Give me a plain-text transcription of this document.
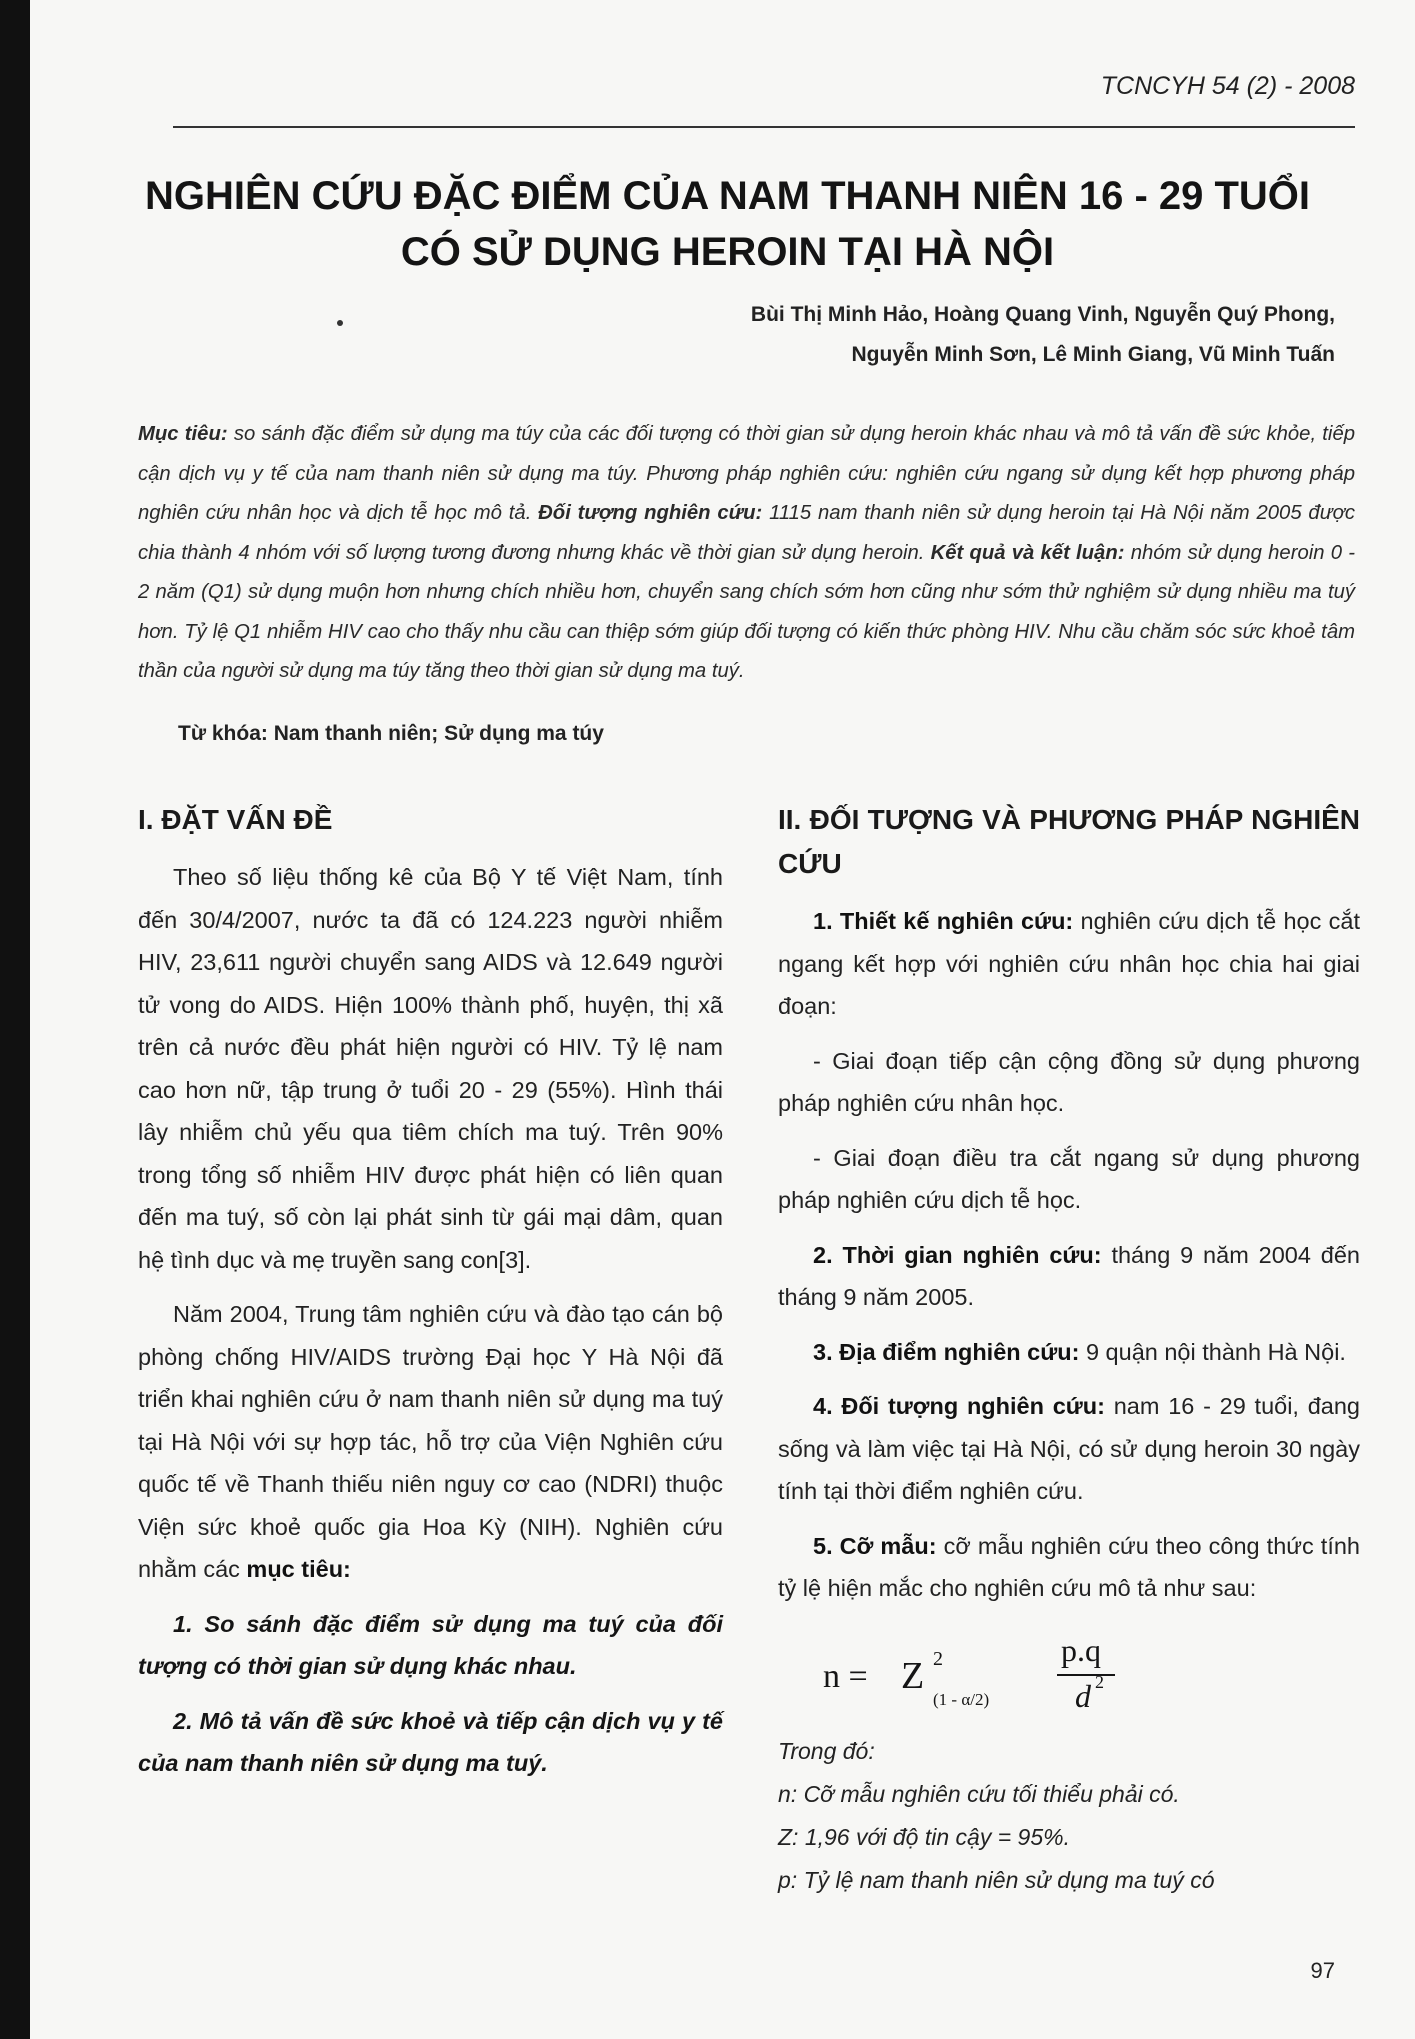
TCNCYH 54 (2) - 2008
NGHIÊN CỨU ĐẶC ĐIỂM CỦA NAM THANH NIÊN 16 - 29 TUỔI
CÓ SỬ DỤNG HEROIN TẠI HÀ NỘI
Bùi Thị Minh Hảo, Hoàng Quang Vinh, Nguyễn Quý Phong,
Nguyễn Minh Sơn, Lê Minh Giang, Vũ Minh Tuấn
Mục tiêu: so sánh đặc điểm sử dụng ma túy của các đối tượng có thời gian sử dụng heroin khác nhau và mô tả vấn đề sức khỏe, tiếp cận dịch vụ y tế của nam thanh niên sử dụng ma túy. Phương pháp nghiên cứu: nghiên cứu ngang sử dụng kết hợp phương pháp nghiên cứu nhân học và dịch tễ học mô tả. Đối tượng nghiên cứu: 1115 nam thanh niên sử dụng heroin tại Hà Nội năm 2005 được chia thành 4 nhóm với số lượng tương đương nhưng khác về thời gian sử dụng heroin. Kết quả và kết luận: nhóm sử dụng heroin 0 - 2 năm (Q1) sử dụng muộn hơn nhưng chích nhiều hơn, chuyển sang chích sớm hơn cũng như sớm thử nghiệm sử dụng nhiều ma tuý hơn. Tỷ lệ Q1 nhiễm HIV cao cho thấy nhu cầu can thiệp sớm giúp đối tượng có kiến thức phòng HIV. Nhu cầu chăm sóc sức khoẻ tâm thần của người sử dụng ma túy tăng theo thời gian sử dụng ma tuý.
Từ khóa: Nam thanh niên; Sử dụng ma túy
I. ĐẶT VẤN ĐỀ

Theo số liệu thống kê của Bộ Y tế Việt Nam, tính đến 30/4/2007, nước ta đã có 124.223 người nhiễm HIV, 23,611 người chuyển sang AIDS và 12.649 người tử vong do AIDS. Hiện 100% thành phố, huyện, thị xã trên cả nước đều phát hiện người có HIV. Tỷ lệ nam cao hơn nữ, tập trung ở tuổi 20 - 29 (55%). Hình thái lây nhiễm chủ yếu qua tiêm chích ma tuý. Trên 90% trong tổng số nhiễm HIV được phát hiện có liên quan đến ma tuý, số còn lại phát sinh từ gái mại dâm, quan hệ tình dục và mẹ truyền sang con[3].

Năm 2004, Trung tâm nghiên cứu và đào tạo cán bộ phòng chống HIV/AIDS trường Đại học Y Hà Nội đã triển khai nghiên cứu ở nam thanh niên sử dụng ma tuý tại Hà Nội với sự hợp tác, hỗ trợ của Viện Nghiên cứu quốc tế về Thanh thiếu niên nguy cơ cao (NDRI) thuộc Viện sức khoẻ quốc gia Hoa Kỳ (NIH). Nghiên cứu nhằm các mục tiêu:

1. So sánh đặc điểm sử dụng ma tuý của đối tượng có thời gian sử dụng khác nhau.

2. Mô tả vấn đề sức khoẻ và tiếp cận dịch vụ y tế của nam thanh niên sử dụng ma tuý.

II. ĐỐI TƯỢNG VÀ PHƯƠNG PHÁP NGHIÊN CỨU

1. Thiết kế nghiên cứu: nghiên cứu dịch tễ học cắt ngang kết hợp với nghiên cứu nhân học chia hai giai đoạn:

- Giai đoạn tiếp cận cộng đồng sử dụng phương pháp nghiên cứu nhân học.

- Giai đoạn điều tra cắt ngang sử dụng phương pháp nghiên cứu dịch tễ học.

2. Thời gian nghiên cứu: tháng 9 năm 2004 đến tháng 9 năm 2005.

3. Địa điểm nghiên cứu: 9 quận nội thành Hà Nội.

4. Đối tượng nghiên cứu: nam 16 - 29 tuổi, đang sống và làm việc tại Hà Nội, có sử dụng heroin 30 ngày tính tại thời điểm nghiên cứu.

5. Cỡ mẫu: cỡ mẫu nghiên cứu theo công thức tính tỷ lệ hiện mắc cho nghiên cứu mô tả như sau:

n = Z 2
(1 - α/2)
p.q
d 2

Trong đó:

n: Cỡ mẫu nghiên cứu tối thiểu phải có.

Z: 1,96 với độ tin cậy = 95%.

p: Tỷ lệ nam thanh niên sử dụng ma tuý có

97
